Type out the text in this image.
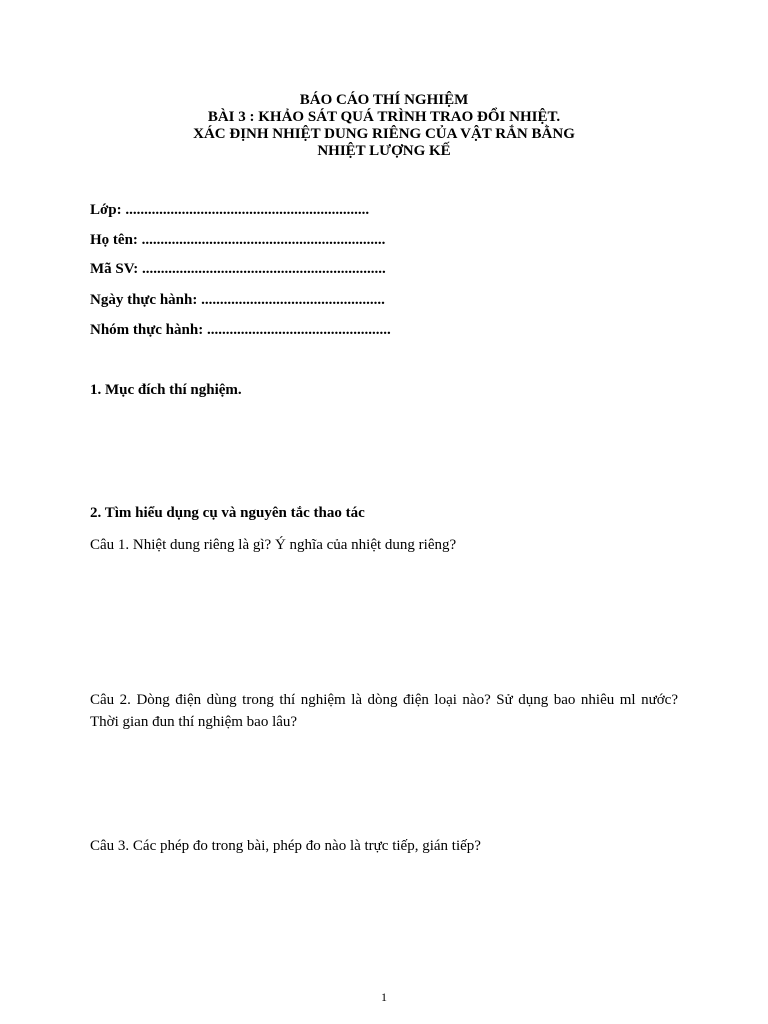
BÁO CÁO THÍ NGHIỆM
BÀI 3 : KHẢO SÁT QUÁ TRÌNH TRAO ĐỔI NHIỆT.
XÁC ĐỊNH NHIỆT DUNG RIÊNG CỦA VẬT RẮN BẰNG
NHIỆT LƯỢNG KẾ
Lớp: .................................................................
Họ tên: .................................................................
Mã SV: .................................................................
Ngày thực hành: .................................................
Nhóm thực hành: .................................................
1. Mục đích thí nghiệm.
2. Tìm hiểu dụng cụ và nguyên tắc thao tác
Câu 1. Nhiệt dung riêng là gì? Ý nghĩa của nhiệt dung riêng?
Câu 2. Dòng điện dùng trong thí nghiệm là dòng điện loại nào? Sử dụng bao nhiêu ml nước? Thời gian đun thí nghiệm bao lâu?
Câu 3. Các phép đo trong bài, phép đo nào là trực tiếp, gián tiếp?
1
